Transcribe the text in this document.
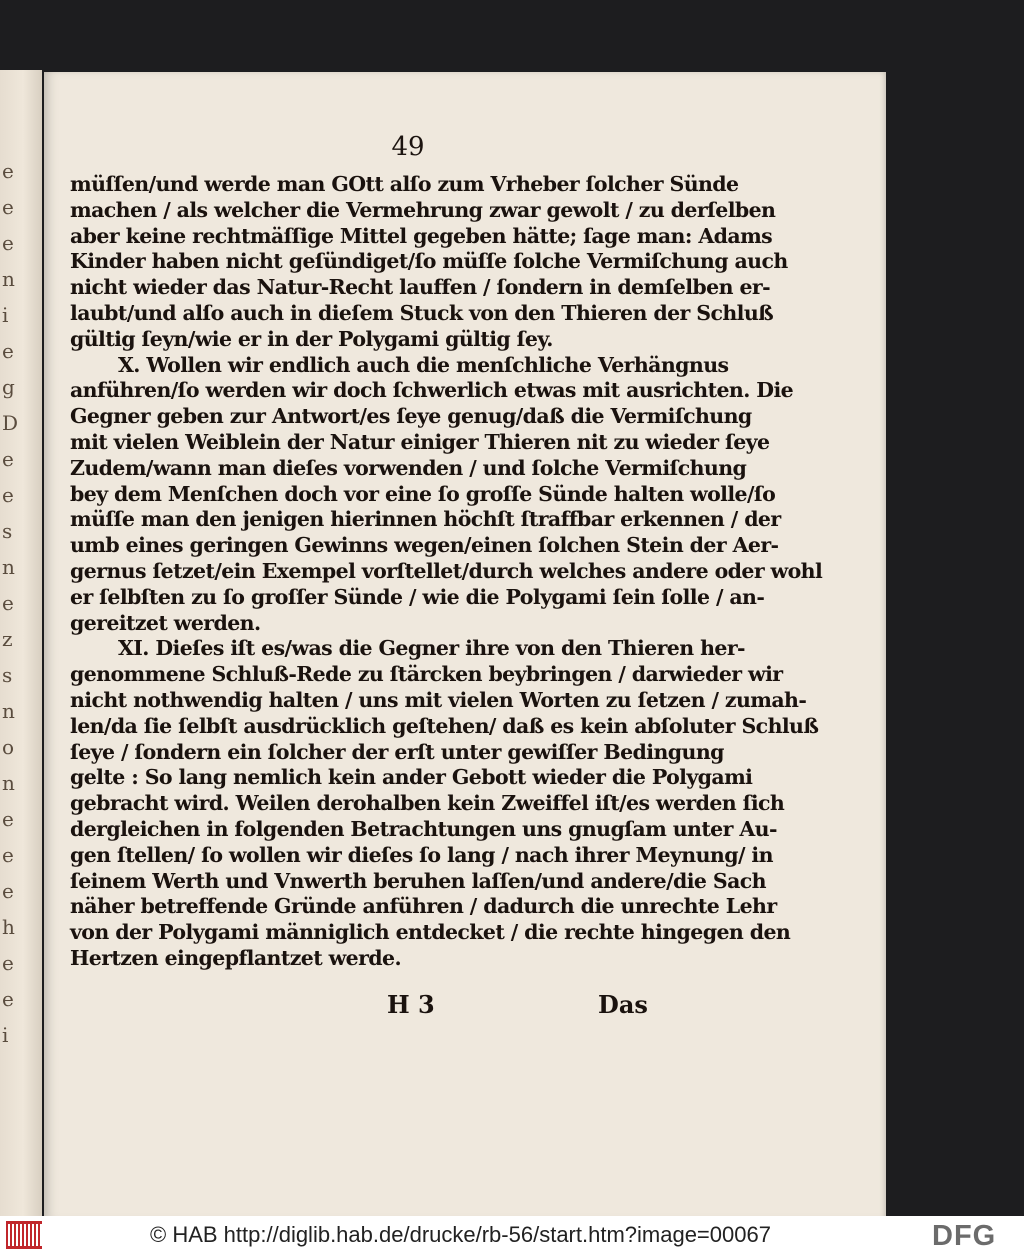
e
e
e
n
i
e
g
D
e
e
s
n
e
z
s
n
o
n
e
e
e
h
e
e
i
49
müſſen/und werde man GOtt alſo zum Vrheber ſolcher Sünde
machen / als welcher die Vermehrung zwar gewolt / zu derſelben
aber keine rechtmäſſige Mittel gegeben hätte; ſage man: Adams
Kinder haben nicht geſündiget/ſo müſſe ſolche Vermiſchung auch
nicht wieder das Natur-Recht lauffen / ſondern in demſelben er-
laubt/und alſo auch in dieſem Stuck von den Thieren der Schluß
gültig ſeyn/wie er in der Polygami gültig ſey.
X. Wollen wir endlich auch die menſchliche Verhängnus
anführen/ſo werden wir doch ſchwerlich etwas mit ausrichten. Die
Gegner geben zur Antwort/es ſeye genug/daß die Vermiſchung
mit vielen Weiblein der Natur einiger Thieren nit zu wieder ſeye
Zudem/wann man dieſes vorwenden / und ſolche Vermiſchung
bey dem Menſchen doch vor eine ſo groſſe Sünde halten wolle/ſo
müſſe man den jenigen hierinnen höchſt ſtraffbar erkennen / der
umb eines geringen Gewinns wegen/einen ſolchen Stein der Aer-
gernus ſetzet/ein Exempel vorſtellet/durch welches andere oder wohl
er ſelbſten zu ſo groſſer Sünde / wie die Polygami ſein ſolle / an-
gereitzet werden.
XI. Dieſes iſt es/was die Gegner ihre von den Thieren her-
genommene Schluß-Rede zu ſtärcken beybringen / darwieder wir
nicht nothwendig halten / uns mit vielen Worten zu ſetzen / zumah-
len/da ſie ſelbſt ausdrücklich geſtehen/ daß es kein abſoluter Schluß
ſeye / ſondern ein ſolcher der erſt unter gewiſſer Bedingung
gelte : So lang nemlich kein ander Gebott wieder die Polygami
gebracht wird. Weilen derohalben kein Zweiffel iſt/es werden ſich
dergleichen in folgenden Betrachtungen uns gnugſam unter Au-
gen ſtellen/ ſo wollen wir dieſes ſo lang / nach ihrer Meynung/ in
ſeinem Werth und Vnwerth beruhen laſſen/und andere/die Sach
näher betreffende Gründe anführen / dadurch die unrechte Lehr
von der Polygami männiglich entdecket / die rechte hingegen den
Hertzen eingepflantzet werde.
H 3	Das
© HAB http://diglib.hab.de/drucke/rb-56/start.htm?image=00067	DFG
